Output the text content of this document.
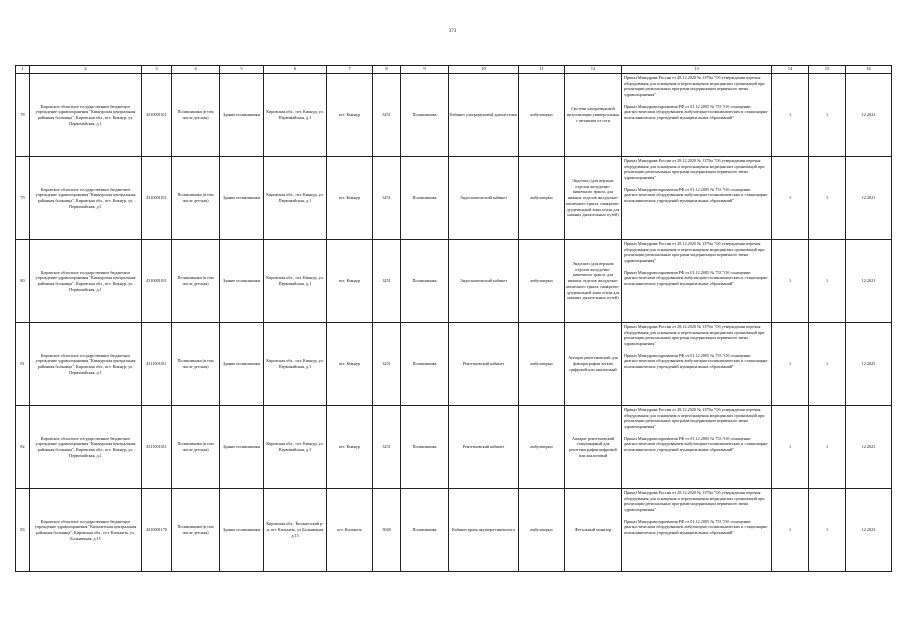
373
1	2	3	4	5	6	7	8	9	10	11	12	13	14	15	16
78	Кировское областное государственное бюджетное учреждение здравоохранения "Кикнурская центральная районная больница", Кировская обл., пгт. Кикнур, ул. Первомайская, д.1	4310001011	Поликлиника (в том числе детская)	Здание поликлиники	Кировская обл., пгт. Кикнур, ул. Первомайская, д.1	пгт. Кикнур	3251	Поликлиника	Кабинет ультразвуковой диагностики	амбулаторно	Система ультразвуковой визуализации универсальная с питанием от сети	Приказ Минздрава России от 28.12.2020 № 1379н "Об утверждении перечня оборудования для оснащения и переоснащения медицинских организаций при реализации региональных программ модернизации первичного звена здравоохранения"
Приказ Минздравсоцразвития РФ от 01.12.2005 № 753 "Об оснащении диагностическим оборудованием амбулаторно-поликлинических и стационарно-поликлинических учреждений муниципальных образований"	1	1	12.2022
79	Кировское областное государственное бюджетное учреждение здравоохранения "Кикнурская центральная районная больница", Кировская обл., пгт. Кикнур, ул. Первомайская, д.1	4310001011	Поликлиника (в том числе детская)	Здание поликлиники	Кировская обл., пгт. Кикнур, ул. Первомайская, д.1	пгт. Кикнур	3251	Поликлиника	Эндоскопический кабинет	амбулаторно	Эндоскоп (для верхних отделов желудочно-кишечного тракта, для нижних отделов желудочно-кишечного тракта, панкреато-дуоденальной зоны и/или для нижних дыхательных путей)	Приказ Минздрава России от 28.12.2020 № 1379н "Об утверждении перечня оборудования для оснащения и переоснащения медицинских организаций при реализации региональных программ модернизации первичного звена здравоохранения"
Приказ Минздравсоцразвития РФ от 01.12.2005 № 753 "Об оснащении диагностическим оборудованием амбулаторно-поликлинических и стационарно-поликлинических учреждений муниципальных образований"	1	1	12.2021
80	Кировское областное государственное бюджетное учреждение здравоохранения "Кикнурская центральная районная больница", Кировская обл., пгт. Кикнур, ул. Первомайская, д.1	4310001011	Поликлиника (в том числе детская)	Здание поликлиники	Кировская обл., пгт. Кикнур, ул. Первомайская, д.1	пгт. Кикнур	3251	Поликлиника	Эндоскопический кабинет	амбулаторно	Эндоскоп (для верхних отделов желудочно-кишечного тракта, для нижних отделов желудочно-кишечного тракта, панкреато-дуоденальной зоны и/или для нижних дыхательных путей)	Приказ Минздрава России от 28.12.2020 № 1379н "Об утверждении перечня оборудования для оснащения и переоснащения медицинских организаций при реализации региональных программ модернизации первичного звена здравоохранения"
Приказ Минздравсоцразвития РФ от 01.12.2005 № 753 "Об оснащении диагностическим оборудованием амбулаторно-поликлинических и стационарно-поликлинических учреждений муниципальных образований"	1	1	12.2021
81	Кировское областное государственное бюджетное учреждение здравоохранения "Кикнурская центральная районная больница", Кировская обл., пгт. Кикнур, ул. Первомайская, д.1	4311001011	Поликлиника (в том числе детская)	Здание поликлиники	Кировская обл., пгт. Кикнур, ул. Первомайская, д.1	пгт. Кикнур	3251	Поликлиника	Рентгеновский кабинет	амбулаторно	Аппарат рентгеновский для флюорографии легких цифровой или аналоговый	Приказ Минздрава России от 28.12.2020 № 1379н "Об утверждении перечня оборудования для оснащения и переоснащения медицинских организаций при реализации региональных программ модернизации первичного звена здравоохранения"
Приказ Минздравсоцразвития РФ от 01.12.2005 № 753 "Об оснащении диагностическим оборудованием амбулаторно-поликлинических и стационарно-поликлинических учреждений муниципальных образований"	1	1	12.2025
82	Кировское областное государственное бюджетное учреждение здравоохранения "Кикнурская центральная районная больница", Кировская обл., пгт. Кикнур, ул. Первомайская, д.1	4311001011	Поликлиника (в том числе детская)	Здание поликлиники	Кировская обл., пгт. Кикнур, ул. Первомайская, д.1	пгт. Кикнур	3251	Поликлиника	Рентгеновский кабинет	амбулаторно	Аппарат рентгеновский стационарный для рентгенографии цифровой или аналоговый	Приказ Минздрава России от 28.12.2020 № 1379н "Об утверждении перечня оборудования для оснащения и переоснащения медицинских организаций при реализации региональных программ модернизации первичного звена здравоохранения"
Приказ Минздравсоцразвития РФ от 01.12.2005 № 753 "Об оснащении диагностическим оборудованием амбулаторно-поликлинических и стационарно-поликлинических учреждений муниципальных образований"	1	1	12.2025
83	Кировское областное государственное бюджетное учреждение здравоохранения "Кильмезская центральная районная больница", Кировская обл., пгт. Кильмезь, ул. Больничная, д.15	4310001170	Поликлиника (в том числе детская)	Здание поликлиники	Кировская обл., Кильмезский р-н, пгт Кильмезь, ул Больничная д.15	пгт. Кильмезь	5048	Поликлиника	Кабинет врача акушера-гинеколога	амбулаторно	Фетальный монитор	Приказ Минздрава России от 28.12.2020 № 1379н "Об утверждении перечня оборудования для оснащения и переоснащения медицинских организаций при реализации региональных программ модернизации первичного звена здравоохранения"
Приказ Минздравсоцразвития РФ от 01.12.2005 № 753 "Об оснащении диагностическим оборудованием амбулаторно-поликлинических и стационарно-поликлинических учреждений муниципальных образований"	1	1	12.2023
